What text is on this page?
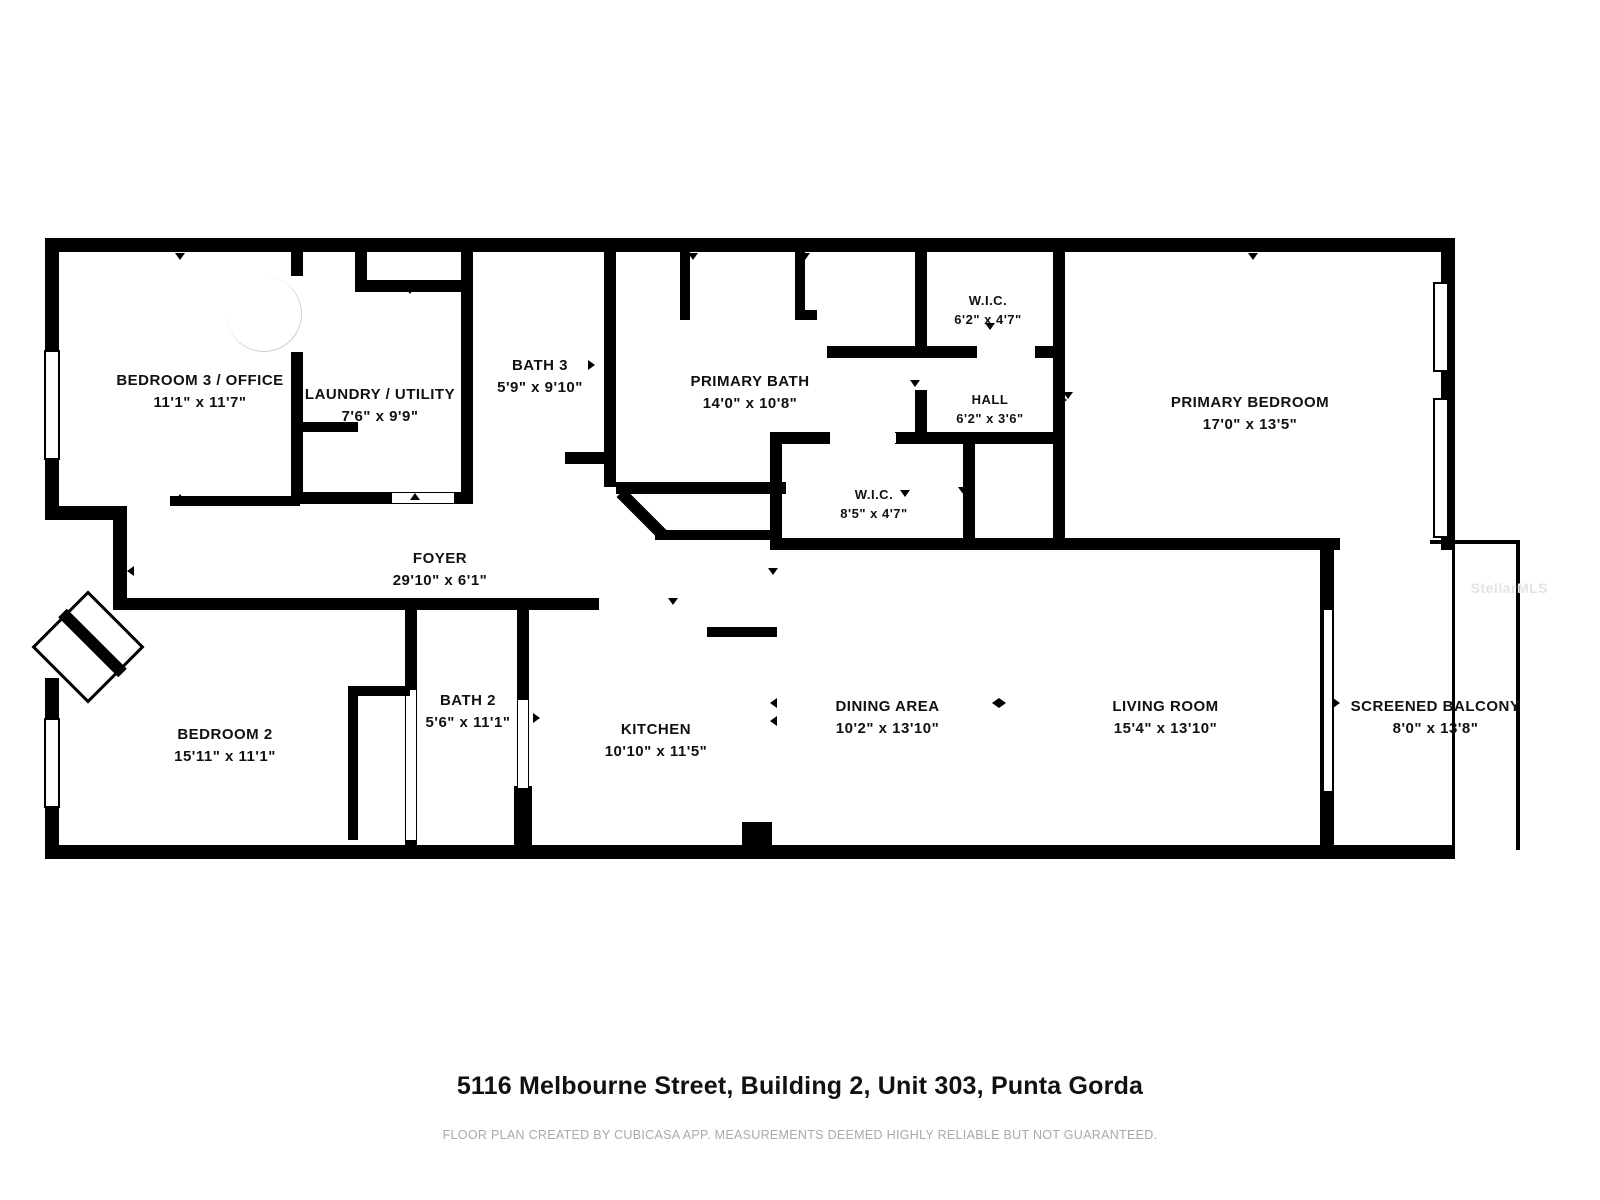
BEDROOM 3 / OFFICE
11'1" x 11'7"	LAUNDRY / UTILITY
7'6" x 9'9"
BATH 3
5'9" x 9'10"	PRIMARY BATH
14'0" x 10'8"
W.I.C.
6'2" x 4'7"
HALL
6'2" x 3'6"
PRIMARY BEDROOM
17'0" x 13'5"
W.I.C.
8'5" x 4'7"
FOYER
29'10" x 6'1"
BEDROOM 2
15'11" x 11'1"
BATH 2
5'6" x 11'1"	KITCHEN
10'10" x 11'5"
DINING AREA
10'2" x 13'10"
LIVING ROOM
15'4" x 13'10"
SCREENED BALCONY
8'0" x 13'8"
StellarMLS
5116 Melbourne Street, Building 2, Unit 303, Punta Gorda
FLOOR PLAN CREATED BY CUBICASA APP. MEASUREMENTS DEEMED HIGHLY RELIABLE BUT NOT GUARANTEED.
